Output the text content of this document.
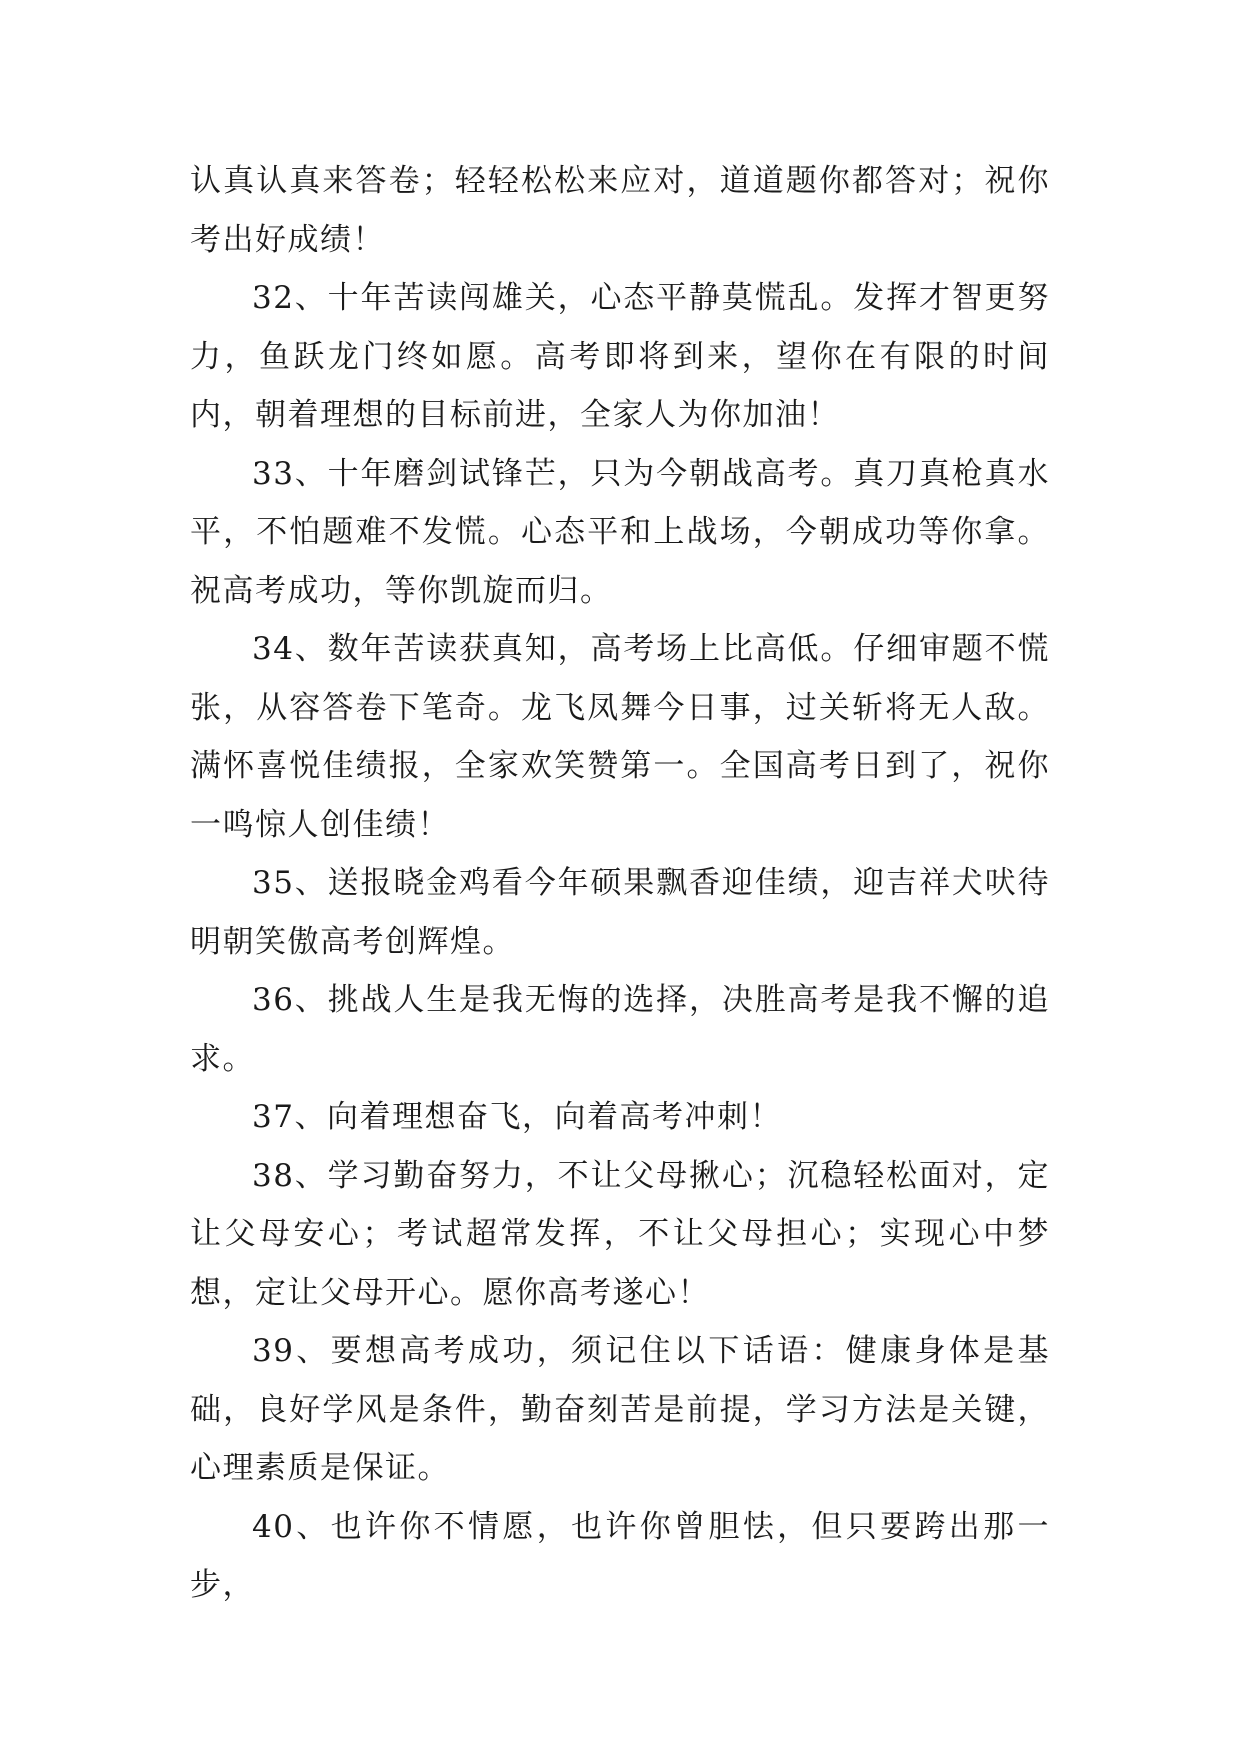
认真认真来答卷；轻轻松松来应对，道道题你都答对；祝你考出好成绩！

32、十年苦读闯雄关，心态平静莫慌乱。发挥才智更努力，鱼跃龙门终如愿。高考即将到来，望你在有限的时间内，朝着理想的目标前进，全家人为你加油！

33、十年磨剑试锋芒，只为今朝战高考。真刀真枪真水平，不怕题难不发慌。心态平和上战场，今朝成功等你拿。祝高考成功，等你凯旋而归。

34、数年苦读获真知，高考场上比高低。仔细审题不慌张，从容答卷下笔奇。龙飞凤舞今日事，过关斩将无人敌。满怀喜悦佳绩报，全家欢笑赞第一。全国高考日到了，祝你一鸣惊人创佳绩！

35、送报晓金鸡看今年硕果飘香迎佳绩，迎吉祥犬吠待明朝笑傲高考创辉煌。

36、挑战人生是我无悔的选择，决胜高考是我不懈的追求。

37、向着理想奋飞，向着高考冲刺！

38、学习勤奋努力，不让父母揪心；沉稳轻松面对，定让父母安心；考试超常发挥，不让父母担心；实现心中梦想，定让父母开心。愿你高考遂心！

39、要想高考成功，须记住以下话语：健康身体是基础，良好学风是条件，勤奋刻苦是前提，学习方法是关键，心理素质是保证。

40、也许你不情愿，也许你曾胆怯，但只要跨出那一步，
